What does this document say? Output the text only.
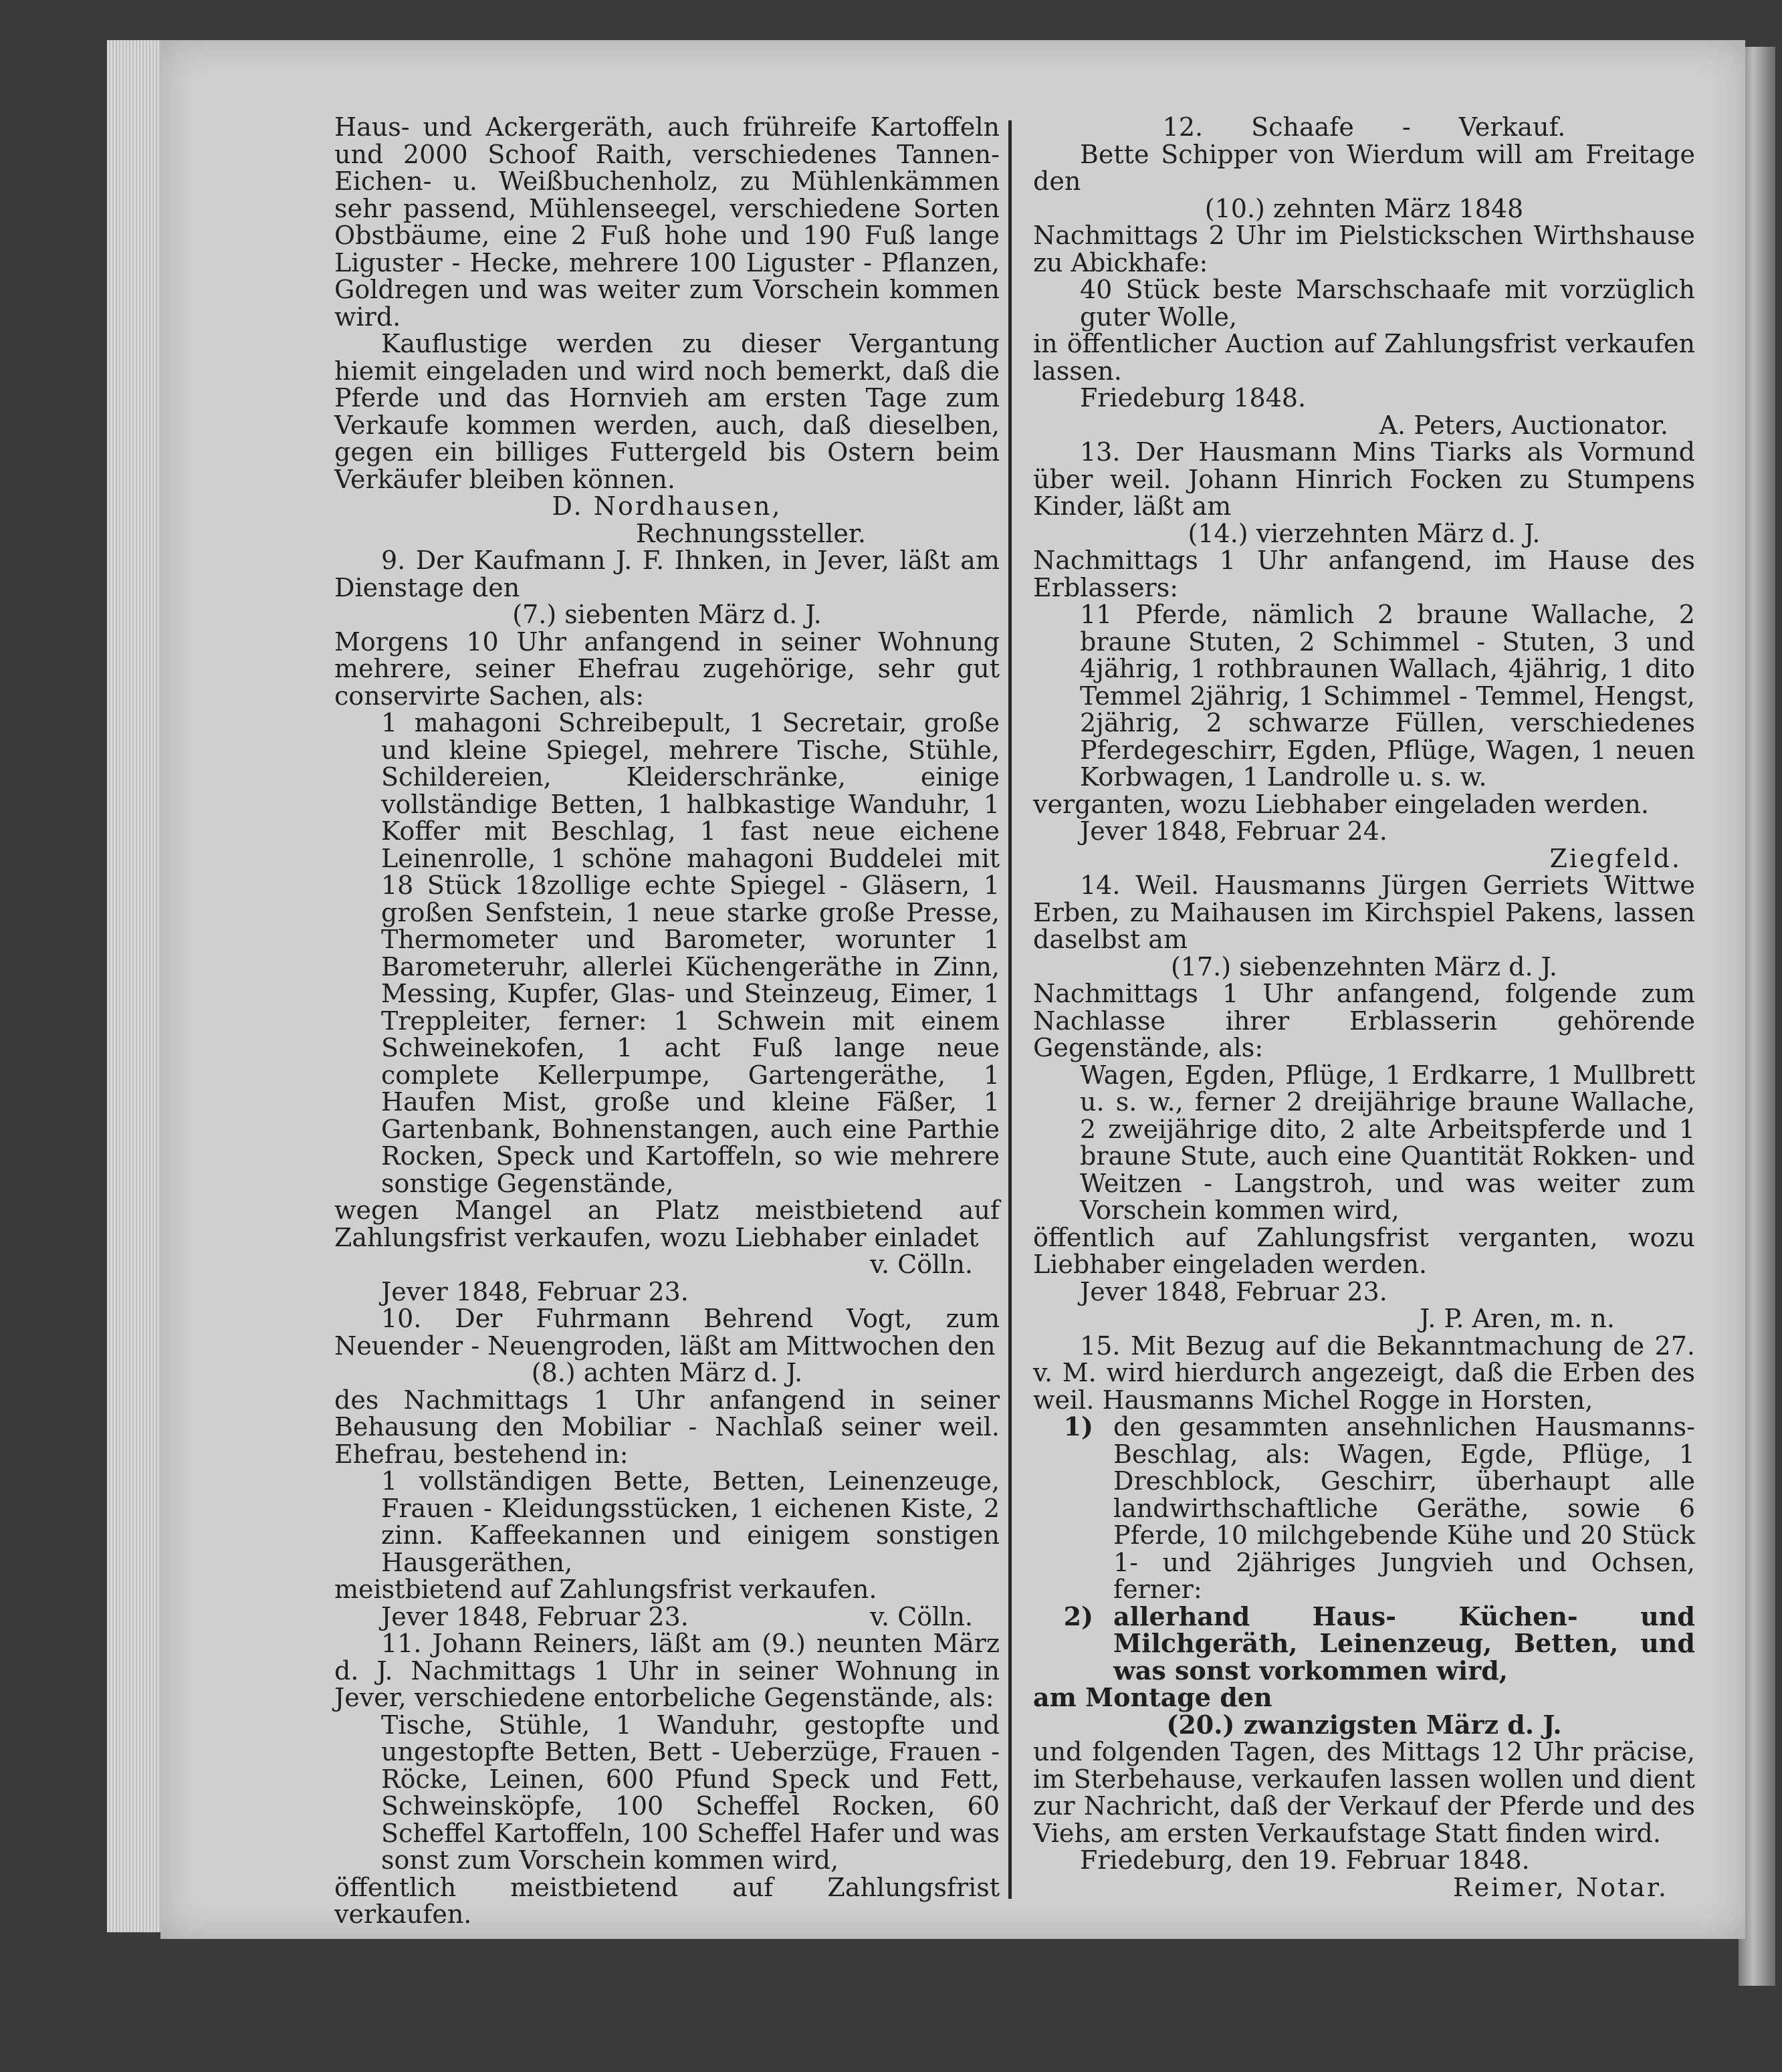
Haus- und Ackergeräth, auch frühreife Kartoffeln und 2000 Schoof Raith, verschiedenes Tannen- Eichen- u. Weißbuchenholz, zu Mühlenkämmen sehr passend, Mühlenseegel, verschiedene Sorten Obstbäume, eine 2 Fuß hohe und 190 Fuß lange Liguster - Hecke, mehrere 100 Liguster - Pflanzen, Goldregen und was weiter zum Vorschein kommen wird.

Kauflustige werden zu dieser Vergantung hiemit eingeladen und wird noch bemerkt, daß die Pferde und das Hornvieh am ersten Tage zum Verkaufe kommen werden, auch, daß dieselben, gegen ein billiges Futtergeld bis Ostern beim Verkäufer bleiben können.

D. Nordhausen,

Rechnungssteller.

9. Der Kaufmann J. F. Ihnken, in Jever, läßt am Dienstage den

(7.) siebenten März d. J.

Morgens 10 Uhr anfangend in seiner Wohnung mehrere, seiner Ehefrau zugehörige, sehr gut conservirte Sachen, als:

1 mahagoni Schreibepult, 1 Secretair, große und kleine Spiegel, mehrere Tische, Stühle, Schildereien, Kleiderschränke, einige vollständige Betten, 1 halbkastige Wanduhr, 1 Koffer mit Beschlag, 1 fast neue eichene Leinenrolle, 1 schöne mahagoni Buddelei mit 18 Stück 18zollige echte Spiegel - Gläsern, 1 großen Senfstein, 1 neue starke große Presse, Thermometer und Barometer, worunter 1 Barometeruhr, allerlei Küchengeräthe in Zinn, Messing, Kupfer, Glas- und Steinzeug, Eimer, 1 Treppleiter, ferner: 1 Schwein mit einem Schweinekofen, 1 acht Fuß lange neue complete Kellerpumpe, Gartengeräthe, 1 Haufen Mist, große und kleine Fäßer, 1 Gartenbank, Bohnenstangen, auch eine Parthie Rocken, Speck und Kartoffeln, so wie mehrere sonstige Gegenstände,

wegen Mangel an Platz meistbietend auf Zahlungsfrist verkaufen, wozu Liebhaber einladet

v. Cölln.

Jever 1848, Februar 23.

10. Der Fuhrmann Behrend Vogt, zum Neuender - Neuengroden, läßt am Mittwochen den

(8.) achten März d. J.

des Nachmittags 1 Uhr anfangend in seiner Behausung den Mobiliar - Nachlaß seiner weil. Ehefrau, bestehend in:

1 vollständigen Bette, Betten, Leinenzeuge, Frauen - Kleidungsstücken, 1 eichenen Kiste, 2 zinn. Kaffeekannen und einigem sonstigen Hausgeräthen,

meistbietend auf Zahlungsfrist verkaufen.

Jever 1848, Februar 23.	v. Cölln.

11. Johann Reiners, läßt am (9.) neunten März d. J. Nachmittags 1 Uhr in seiner Wohnung in Jever, verschiedene entorbeliche Gegenstände, als:

Tische, Stühle, 1 Wanduhr, gestopfte und ungestopfte Betten, Bett - Ueberzüge, Frauen - Röcke, Leinen, 600 Pfund Speck und Fett, Schweinsköpfe, 100 Scheffel Rocken, 60 Scheffel Kartoffeln, 100 Scheffel Hafer und was sonst zum Vorschein kommen wird,

öffentlich meistbietend auf Zahlungsfrist verkaufen.

12. Schaafe - Verkauf.

Bette Schipper von Wierdum will am Freitage den

(10.) zehnten März 1848

Nachmittags 2 Uhr im Pielstickschen Wirthshause zu Abickhafe:

40 Stück beste Marschschaafe mit vorzüglich guter Wolle,

in öffentlicher Auction auf Zahlungsfrist verkaufen lassen.

Friedeburg 1848.

A. Peters, Auctionator.

13. Der Hausmann Mins Tiarks als Vormund über weil. Johann Hinrich Focken zu Stumpens Kinder, läßt am

(14.) vierzehnten März d. J.

Nachmittags 1 Uhr anfangend, im Hause des Erblassers:

11 Pferde, nämlich 2 braune Wallache, 2 braune Stuten, 2 Schimmel - Stuten, 3 und 4jährig, 1 rothbraunen Wallach, 4jährig, 1 dito Temmel 2jährig, 1 Schimmel - Temmel, Hengst, 2jährig, 2 schwarze Füllen, verschiedenes Pferdegeschirr, Egden, Pflüge, Wagen, 1 neuen Korbwagen, 1 Landrolle u. s. w.

verganten, wozu Liebhaber eingeladen werden.

Jever 1848, Februar 24.

Ziegfeld.

14. Weil. Hausmanns Jürgen Gerriets Wittwe Erben, zu Maihausen im Kirchspiel Pakens, lassen daselbst am

(17.) siebenzehnten März d. J.

Nachmittags 1 Uhr anfangend, folgende zum Nachlasse ihrer Erblasserin gehörende Gegenstände, als:

Wagen, Egden, Pflüge, 1 Erdkarre, 1 Mullbrett u. s. w., ferner 2 dreijährige braune Wallache, 2 zweijährige dito, 2 alte Arbeitspferde und 1 braune Stute, auch eine Quantität Rokken- und Weitzen - Langstroh, und was weiter zum Vorschein kommen wird,

öffentlich auf Zahlungsfrist verganten, wozu Liebhaber eingeladen werden.

Jever 1848, Februar 23.

J. P. Aren, m. n.

15. Mit Bezug auf die Bekanntmachung de 27. v. M. wird hierdurch angezeigt, daß die Erben des weil. Hausmanns Michel Rogge in Horsten,

1) den gesammten ansehnlichen Hausmanns-Beschlag, als: Wagen, Egde, Pflüge, 1 Dreschblock, Geschirr, überhaupt alle landwirthschaftliche Geräthe, sowie 6 Pferde, 10 milchgebende Kühe und 20 Stück 1- und 2jähriges Jungvieh und Ochsen, ferner:
2) allerhand Haus- Küchen- und Milchgeräth, Leinenzeug, Betten, und was sonst vorkommen wird,

am Montage den

(20.) zwanzigsten März d. J.

und folgenden Tagen, des Mittags 12 Uhr präcise, im Sterbehause, verkaufen lassen wollen und dient zur Nachricht, daß der Verkauf der Pferde und des Viehs, am ersten Verkaufstage Statt finden wird.

Friedeburg, den 19. Februar 1848.

Reimer, Notar.
